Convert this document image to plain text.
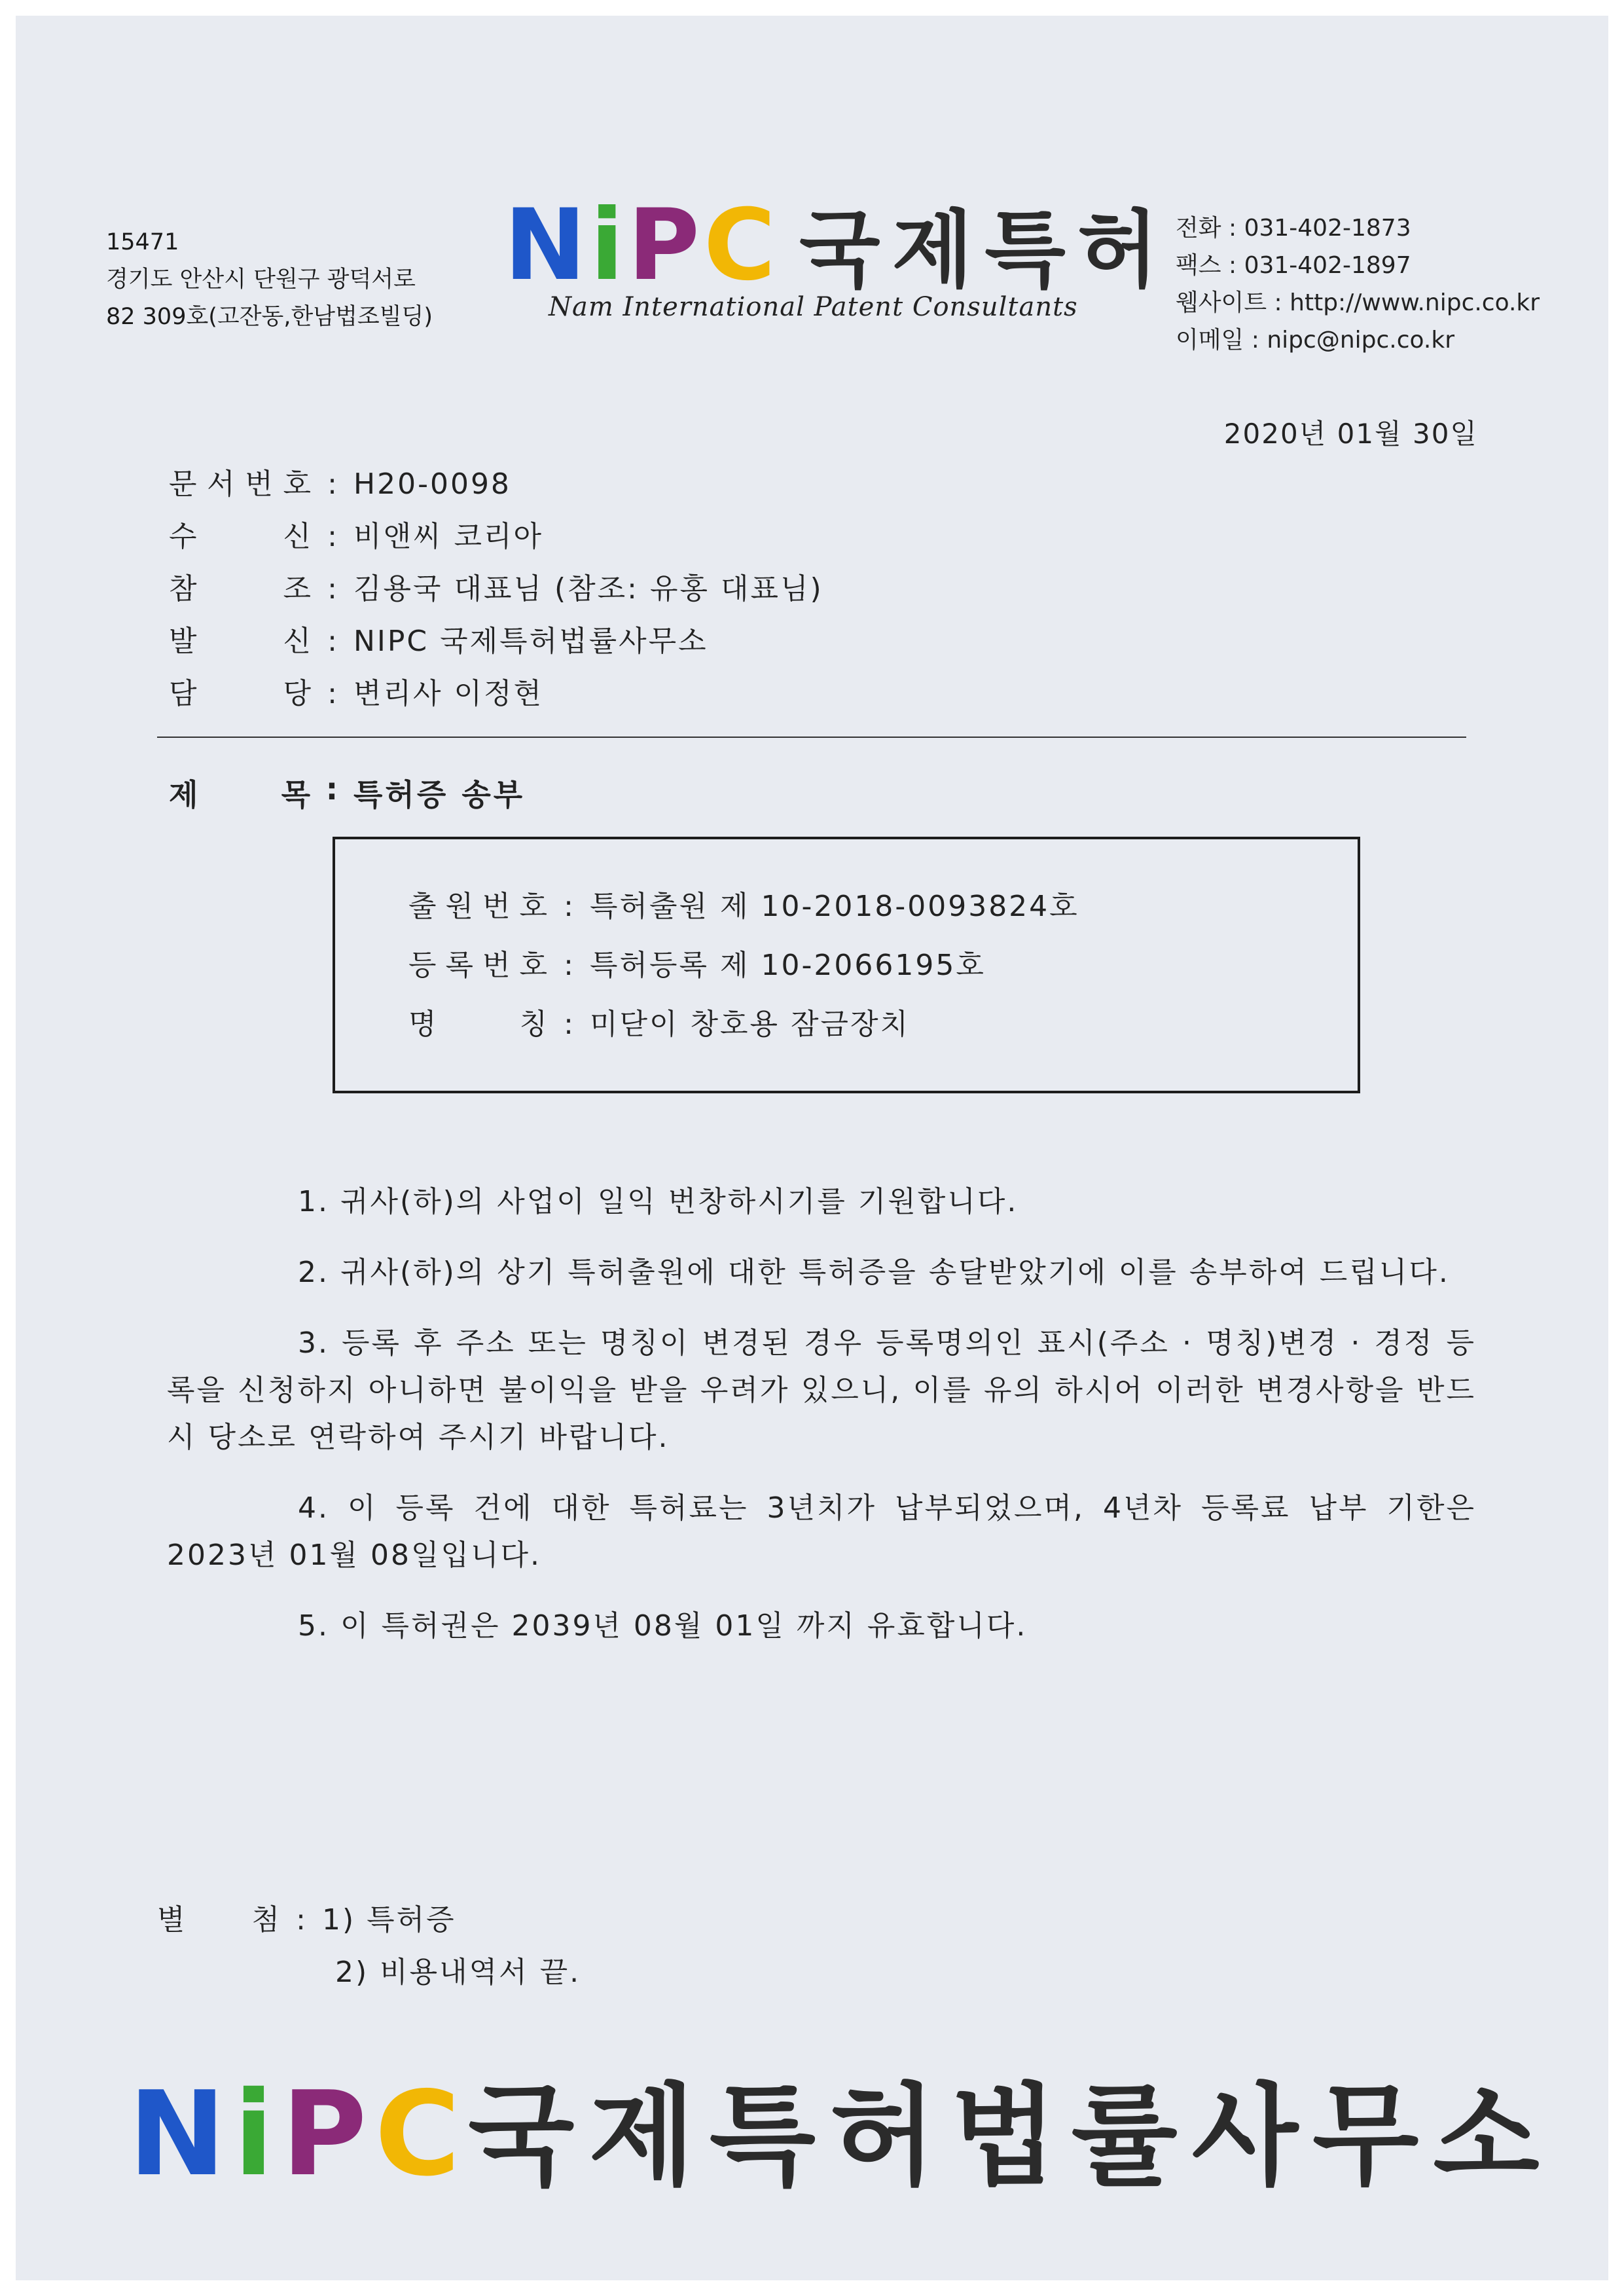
15471
경기도 안산시 단원구 광덕서로
82 309호(고잔동,한남법조빌딩)
NiPC 국제특허
Nam International Patent Consultants
전화 : 031-402-1873
팩스 : 031-402-1897
웹사이트 : http://www.nipc.co.kr
이메일 : nipc@nipc.co.kr
2020년 01월 30일
문 서 번 호 : H20-0098
수	신 : 비앤씨 코리아
참	조 : 김용국 대표님 (참조: 유홍 대표님)
발	신 : NIPC 국제특허법률사무소
담	당 : 변리사 이정현
제	목 : 특허증 송부
출 원 번 호 : 특허출원 제 10-2018-0093824호
등 록 번 호 : 특허등록 제 10-2066195호
명	칭 : 미닫이 창호용 잠금장치

1. 귀사(하)의 사업이 일익 번창하시기를 기원합니다.

2. 귀사(하)의 상기 특허출원에 대한 특허증을 송달받았기에 이를 송부하여 드립니다.

3. 등록 후 주소 또는 명칭이 변경된 경우 등록명의인 표시(주소 · 명칭)변경 · 경정 등록을 신청하지 아니하면 불이익을 받을 우려가 있으니, 이를 유의 하시어 이러한 변경사항을 반드시 당소로 연락하여 주시기 바랍니다.

4. 이 등록 건에 대한 특허료는 3년치가 납부되었으며, 4년차 등록료 납부 기한은 2023년 01월 08일입니다.

5. 이 특허권은 2039년 08월 01일 까지 유효합니다.

별 첨 : 1) 특허증
2) 비용내역서 끝.
NiPC국제특허법률사무소
